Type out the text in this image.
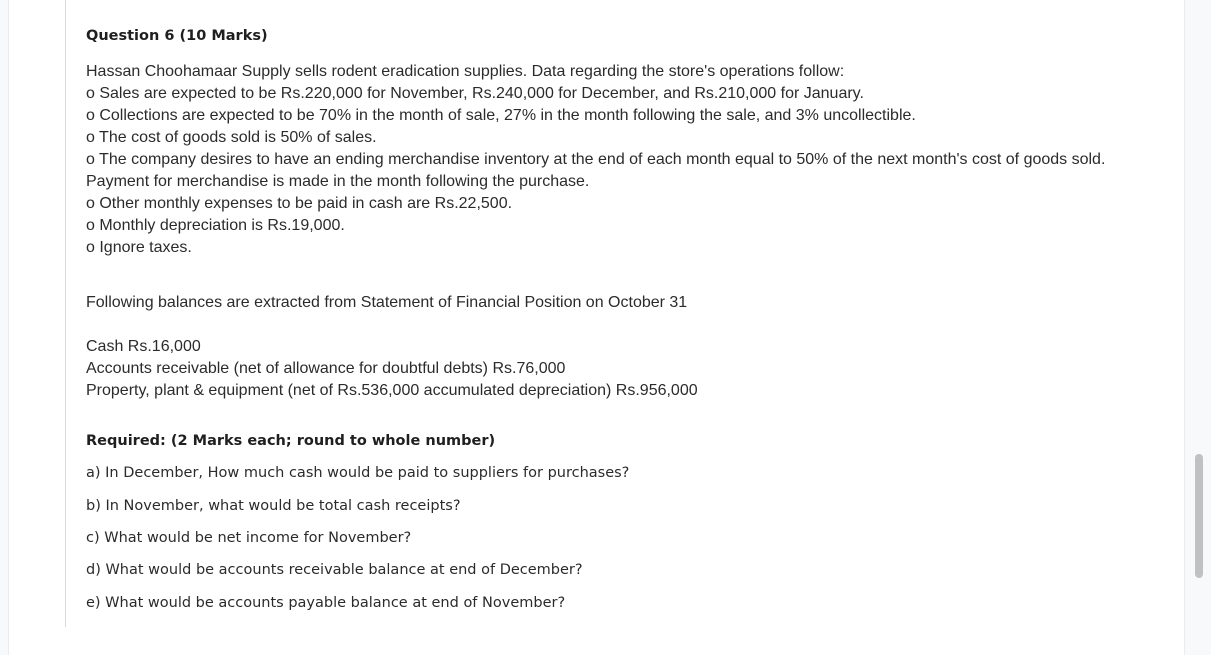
Question 6 (10 Marks)
Hassan Choohamaar Supply sells rodent eradication supplies. Data regarding the store's operations follow:
o Sales are expected to be Rs.220,000 for November, Rs.240,000 for December, and Rs.210,000 for January.
o Collections are expected to be 70% in the month of sale, 27% in the month following the sale, and 3% uncollectible.
o The cost of goods sold is 50% of sales.
o The company desires to have an ending merchandise inventory at the end of each month equal to 50% of the next month's cost of goods sold.
Payment for merchandise is made in the month following the purchase.
o Other monthly expenses to be paid in cash are Rs.22,500.
o Monthly depreciation is Rs.19,000.
o Ignore taxes.
Following balances are extracted from Statement of Financial Position on October 31
Cash Rs.16,000
Accounts receivable (net of allowance for doubtful debts) Rs.76,000
Property, plant & equipment (net of Rs.536,000 accumulated depreciation) Rs.956,000
Required: (2 Marks each; round to whole number)
a) In December, How much cash would be paid to suppliers for purchases?
b) In November, what would be total cash receipts?
c) What would be net income for November?
d) What would be accounts receivable balance at end of December?
e) What would be accounts payable balance at end of November?
